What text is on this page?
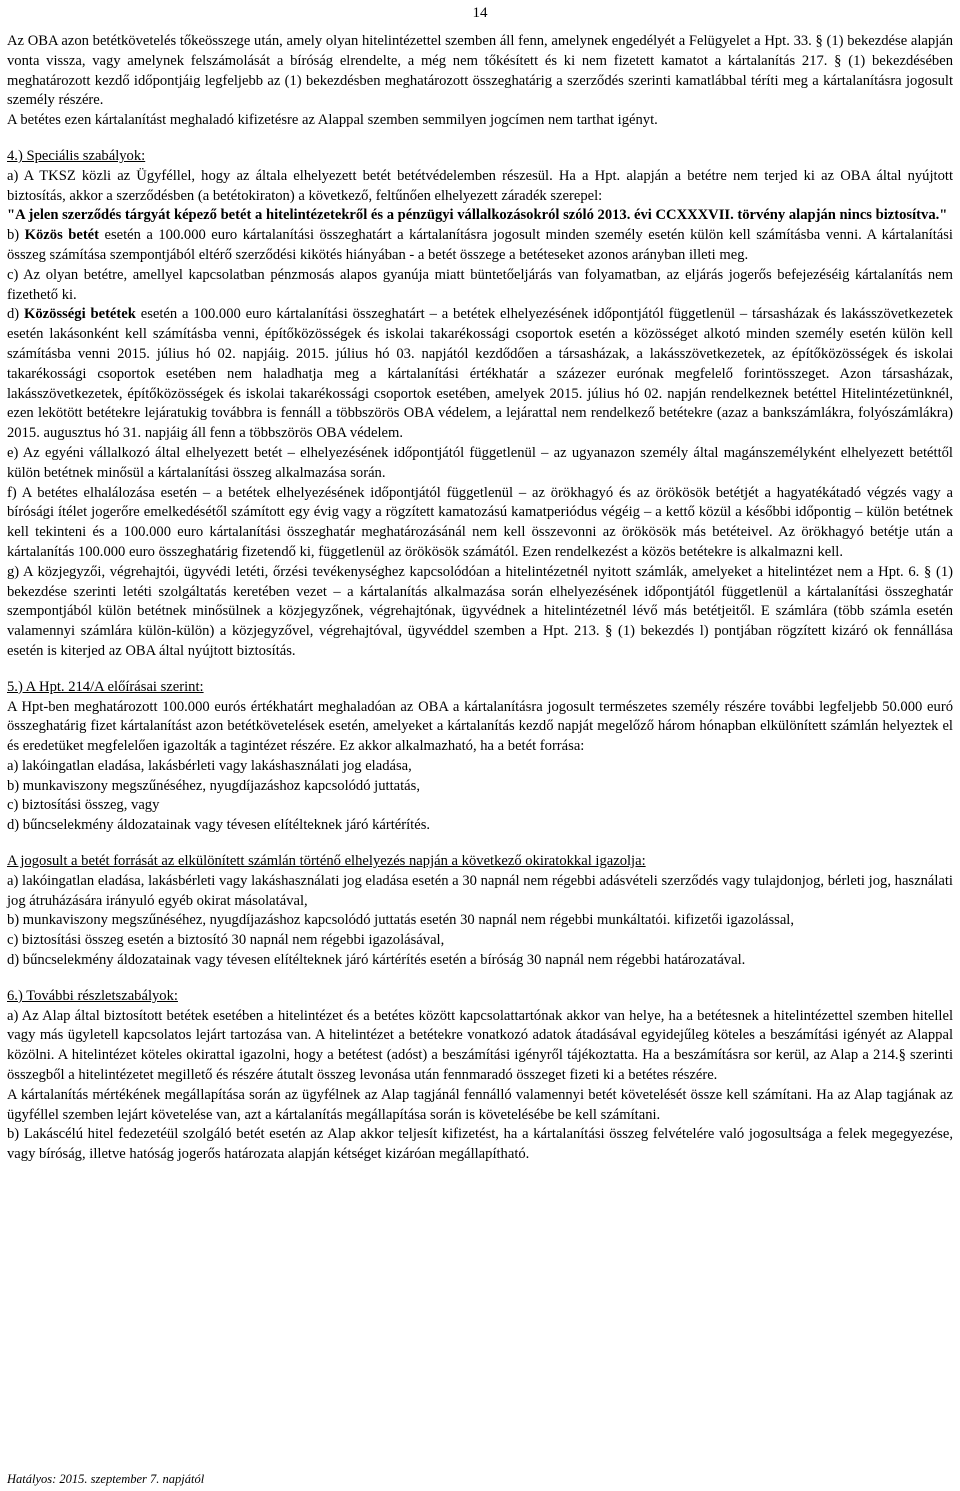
14

Az OBA azon betétkövetelés tőkeösszege után, amely olyan hitelintézettel szemben áll fenn, amelynek engedélyét a Felügyelet a Hpt. 33. § (1) bekezdése alapján vonta vissza, vagy amelynek felszámolását a bíróság elrendelte, a még nem tőkésített és ki nem fizetett kamatot a kártalanítás 217. § (1) bekezdésében meghatározott kezdő időpontjáig legfeljebb az (1) bekezdésben meghatározott összeghatárig a szerződés szerinti kamatlábbal téríti meg a kártalanításra jogosult személy részére.

A betétes ezen kártalanítást meghaladó kifizetésre az Alappal szemben semmilyen jogcímen nem tarthat igényt.

4.) Speciális szabályok:

a) A TKSZ közli az Ügyféllel, hogy az általa elhelyezett betét betétvédelemben részesül. Ha a Hpt. alapján a betétre nem terjed ki az OBA által nyújtott biztosítás, akkor a szerződésben (a betétokiraton) a következő, feltűnően elhelyezett záradék szerepel:

"A jelen szerződés tárgyát képező betét a hitelintézetekről és a pénzügyi vállalkozásokról szóló 2013. évi CCXXXVII. törvény alapján nincs biztosítva."

b) Közös betét esetén a 100.000 euro kártalanítási összeghatárt a kártalanításra jogosult minden személy esetén külön kell számításba venni. A kártalanítási összeg számítása szempontjából eltérő szerződési kikötés hiányában - a betét összege a betéteseket azonos arányban illeti meg.

c) Az olyan betétre, amellyel kapcsolatban pénzmosás alapos gyanúja miatt büntetőeljárás van folyamatban, az eljárás jogerős befejezéséig kártalanítás nem fizethető ki.

d) Közösségi betétek esetén a 100.000 euro kártalanítási összeghatárt – a betétek elhelyezésének időpontjától függetlenül – társasházak és lakásszövetkezetek esetén lakásonként kell számításba venni, építőközösségek és iskolai takarékossági csoportok esetén a közösséget alkotó minden személy esetén külön kell számításba venni 2015. július hó 02. napjáig. 2015. július hó 03. napjától kezdődően a társasházak, a lakásszövetkezetek, az építőközösségek és iskolai takarékossági csoportok esetében nem haladhatja meg a kártalanítási értékhatár a százezer eurónak megfelelő forintösszeget. Azon társasházak, lakásszövetkezetek, építőközösségek és iskolai takarékossági csoportok esetében, amelyek 2015. július hó 02. napján rendelkeznek betéttel Hitelintézetünknél, ezen lekötött betétekre lejáratukig továbbra is fennáll a többszörös OBA védelem, a lejárattal nem rendelkező betétekre (azaz a bankszámlákra, folyószámlákra) 2015. augusztus hó 31. napjáig áll fenn a többszörös OBA védelem.

e) Az egyéni vállalkozó által elhelyezett betét – elhelyezésének időpontjától függetlenül – az ugyanazon személy által magánszemélyként elhelyezett betéttől külön betétnek minősül a kártalanítási összeg alkalmazása során.

f) A betétes elhalálozása esetén – a betétek elhelyezésének időpontjától függetlenül – az örökhagyó és az örökösök betétjét a hagyatékátadó végzés vagy a bírósági ítélet jogerőre emelkedésétől számított egy évig vagy a rögzített kamatozású kamatperiódus végéig – a kettő közül a későbbi időpontig – külön betétnek kell tekinteni és a 100.000 euro kártalanítási összeghatár meghatározásánál nem kell összevonni az örökösök más betéteivel. Az örökhagyó betétje után a kártalanítás 100.000 euro összeghatárig fizetendő ki, függetlenül az örökösök számától. Ezen rendelkezést a közös betétekre is alkalmazni kell.

g) A közjegyzői, végrehajtói, ügyvédi letéti, őrzési tevékenységhez kapcsolódóan a hitelintézetnél nyitott számlák, amelyeket a hitelintézet nem a Hpt. 6. § (1) bekezdése szerinti letéti szolgáltatás keretében vezet – a kártalanítás alkalmazása során elhelyezésének időpontjától függetlenül a kártalanítási összeghatár szempontjából külön betétnek minősülnek a közjegyzőnek, végrehajtónak, ügyvédnek a hitelintézetnél lévő más betétjeitől. E számlára (több számla esetén valamennyi számlára külön-külön) a közjegyzővel, végrehajtóval, ügyvéddel szemben a Hpt. 213. § (1) bekezdés l) pontjában rögzített kizáró ok fennállása esetén is kiterjed az OBA által nyújtott biztosítás.

5.) A Hpt. 214/A előírásai szerint:

A Hpt-ben meghatározott 100.000 eurós értékhatárt meghaladóan az OBA a kártalanításra jogosult természetes személy részére további legfeljebb 50.000 euró összeghatárig fizet kártalanítást azon betétkövetelések esetén, amelyeket a kártalanítás kezdő napját megelőző három hónapban elkülönített számlán helyeztek el és eredetüket megfelelően igazolták a tagintézet részére. Ez akkor alkalmazható, ha a betét forrása:

a) lakóingatlan eladása, lakásbérleti vagy lakáshasználati jog eladása,

b) munkaviszony megszűnéséhez, nyugdíjazáshoz kapcsolódó juttatás,

c) biztosítási összeg, vagy

d) bűncselekmény áldozatainak vagy tévesen elítélteknek járó kártérítés.

A jogosult a betét forrását az elkülönített számlán történő elhelyezés napján a következő okiratokkal igazolja:

a) lakóingatlan eladása, lakásbérleti vagy lakáshasználati jog eladása esetén a 30 napnál nem régebbi adásvételi szerződés vagy tulajdonjog, bérleti jog, használati jog átruházására irányuló egyéb okirat másolatával,

b) munkaviszony megszűnéséhez, nyugdíjazáshoz kapcsolódó juttatás esetén 30 napnál nem régebbi munkáltatói. kifizetői igazolással,

c) biztosítási összeg esetén a biztosító 30 napnál nem régebbi igazolásával,

d) bűncselekmény áldozatainak vagy tévesen elítélteknek járó kártérítés esetén a bíróság 30 napnál nem régebbi határozatával.

6.) További részletszabályok:

a) Az Alap által biztosított betétek esetében a hitelintézet és a betétes között kapcsolattartónak akkor van helye, ha a betétesnek a hitelintézettel szemben hitellel vagy más ügyletell kapcsolatos lejárt tartozása van. A hitelintézet a betétekre vonatkozó adatok átadásával egyidejűleg köteles a beszámítási igényét az Alappal közölni. A hitelintézet köteles okirattal igazolni, hogy a betétest (adóst) a beszámítási igényről tájékoztatta. Ha a beszámításra sor kerül, az Alap a 214.§ szerinti összegből a hitelintézetet megillető és részére átutalt összeg levonása után fennmaradó összeget fizeti ki a betétes részére.

A kártalanítás mértékének megállapítása során az ügyfélnek az Alap tagjánál fennálló valamennyi betét követelését össze kell számítani. Ha az Alap tagjának az ügyféllel szemben lejárt követelése van, azt a kártalanítás megállapítása során is követelésébe be kell számítani.

b) Lakáscélú hitel fedezetéül szolgáló betét esetén az Alap akkor teljesít kifizetést, ha a kártalanítási összeg felvételére való jogosultsága a felek megegyezése, vagy bíróság, illetve hatóság jogerős határozata alapján kétséget kizáróan megállapítható.

Hatályos: 2015. szeptember 7. napjától
